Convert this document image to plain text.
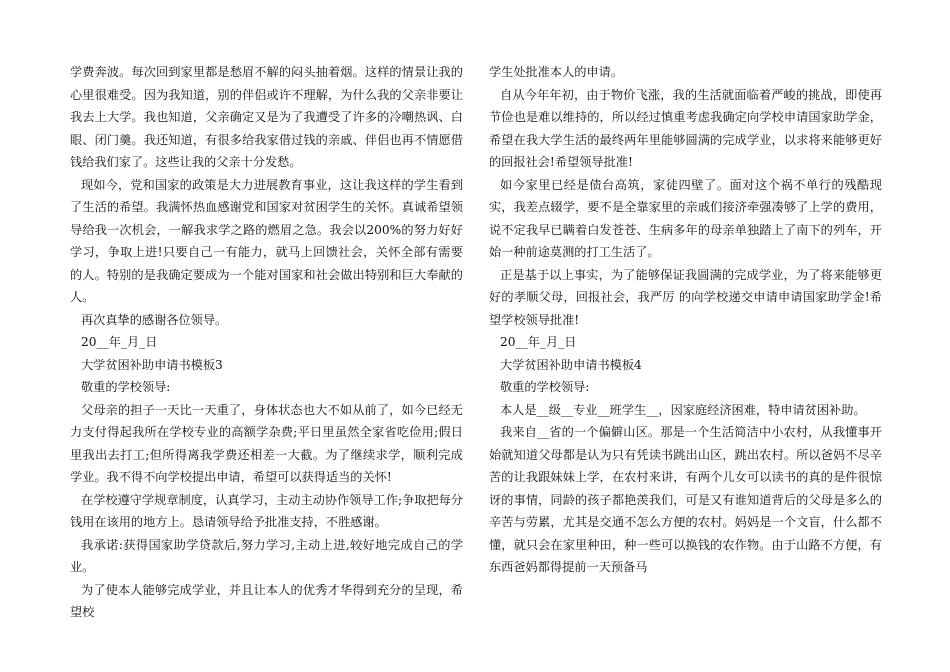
学费奔波。每次回到家里都是愁眉不解的闷头抽着烟。这样的情景让我的心里很难受。因为我知道，别的伴侣或许不理解，为什么我的父亲非要让我去上大学。我也知道，父亲确定又是为了我遭受了许多的冷嘲热讽、白眼、闭门羹。我还知道，有很多给我家借过钱的亲戚、伴侣也再不情愿借钱给我们家了。这些让我的父亲十分发愁。

现如今，党和国家的政策是大力进展教育事业，这让我这样的学生看到了生活的希望。我满怀热血感谢党和国家对贫困学生的关怀。真诚希望领导给我一次机会，一解我求学之路的燃眉之急。我会以200%的努力好好学习，争取上进!只要自己一有能力，就马上回馈社会，关怀全部有需要的人。特别的是我确定要成为一个能对国家和社会做出特别和巨大奉献的人。

再次真挚的感谢各位领导。

20__年_月_日

大学贫困补助申请书模板3

敬重的学校领导:

父母亲的担子一天比一天重了，身体状态也大不如从前了，如今已经无力支付得起我所在学校专业的高额学杂费;平日里虽然全家省吃俭用;假日里我出去打工;但所得离我学费还相差一大截。为了继续求学，顺利完成学业。我不得不向学校提出申请，希望可以获得适当的关怀!

在学校遵守学规章制度，认真学习，主动主动协作领导工作;争取把每分钱用在该用的地方上。恳请领导给予批准支持，不胜感谢。

我承诺:获得国家助学贷款后,努力学习,主动上进,较好地完成自己的学业。

为了使本人能够完成学业，并且让本人的优秀才华得到充分的呈现，希望校

学生处批准本人的申请。

自从今年年初，由于物价飞涨，我的生活就面临着严峻的挑战，即使再节俭也是难以维持的，所以经过慎重考虑我确定向学校申请国家助学金，希望在我大学生活的最终两年里能够圆满的完成学业，以求将来能够更好的回报社会!希望领导批准!

如今家里已经是债台高筑，家徒四壁了。面对这个祸不单行的残酷现实，我差点辍学，要不是全靠家里的亲戚们接济牵强凑够了上学的费用，说不定我早已瞒着白发苍苍、生病多年的母亲单独踏上了南下的列车，开始一种前途莫测的打工生活了。

正是基于以上事实，为了能够保证我圆满的完成学业，为了将来能够更好的孝顺父母，回报社会，我严厉 的向学校递交申请申请国家助学金!希望学校领导批准!

20__年_月_日

大学贫困补助申请书模板4

敬重的学校领导:

本人是__级__专业__班学生__，因家庭经济困难，特申请贫困补助。

我来自__省的一个偏僻山区。那是一个生活简洁中小农村，从我懂事开始就知道父母都是认为只有凭读书跳出山区，跳出农村。所以爸妈不尽辛苦的让我跟妹妹上学，在农村来讲，有两个儿女可以读书的真的是件很惊讶的事情，同龄的孩子都艳羡我们，可是又有谁知道背后的父母是多么的辛苦与劳累，尤其是交通不怎么方便的农村。妈妈是一个文盲，什么都不懂，就只会在家里种田，种一些可以换钱的农作物。由于山路不方便，有东西爸妈都得提前一天预备马
